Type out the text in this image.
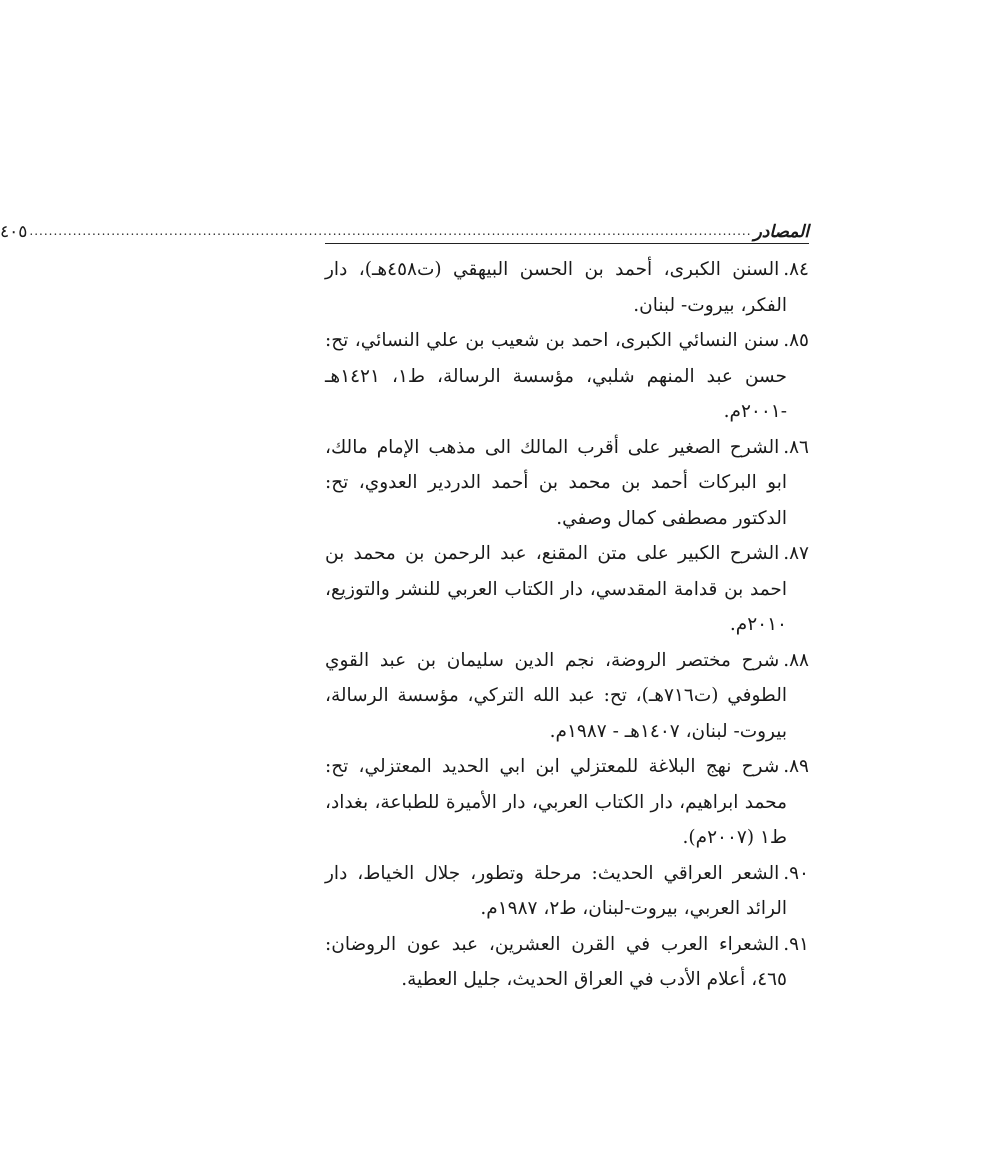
المصادر
......................................................................................................................................................
٤٠٥
٨٤.السنن الكبرى، أحمد بن الحسن البيهقي (ت٤٥٨هـ)، دار الفكر، بيروت- لبنان.
٨٥.سنن النسائي الكبرى، احمد بن شعيب بن علي النسائي، تح: حسن عبد المنهم شلبي، مؤسسة الرسالة، ط١، ١٤٢١هـ -٢٠٠١م.
٨٦.الشرح الصغير على أقرب المالك الى مذهب الإمام مالك، ابو البركات أحمد بن محمد بن أحمد الدردير العدوي، تح: الدكتور مصطفى كمال وصفي.
٨٧.الشرح الكبير على متن المقنع، عبد الرحمن بن محمد بن احمد بن قدامة المقدسي، دار الكتاب العربي للنشر والتوزيع، ٢٠١٠م.
٨٨.شرح مختصر الروضة، نجم الدين سليمان بن عبد القوي الطوفي (ت٧١٦هـ)، تح: عبد الله التركي، مؤسسة الرسالة، بيروت- لبنان، ١٤٠٧هـ - ١٩٨٧م.
٨٩.شرح نهج البلاغة للمعتزلي ابن ابي الحديد المعتزلي، تح: محمد ابراهيم، دار الكتاب العربي، دار الأميرة للطباعة، بغداد، ط١ (٢٠٠٧م).
٩٠.الشعر العراقي الحديث: مرحلة وتطور، جلال الخياط، دار الرائد العربي، بيروت-لبنان، ط٢، ١٩٨٧م.
٩١.الشعراء العرب في القرن العشرين، عبد عون الروضان: ٤٦٥، أعلام الأدب في العراق الحديث، جليل العطية.
